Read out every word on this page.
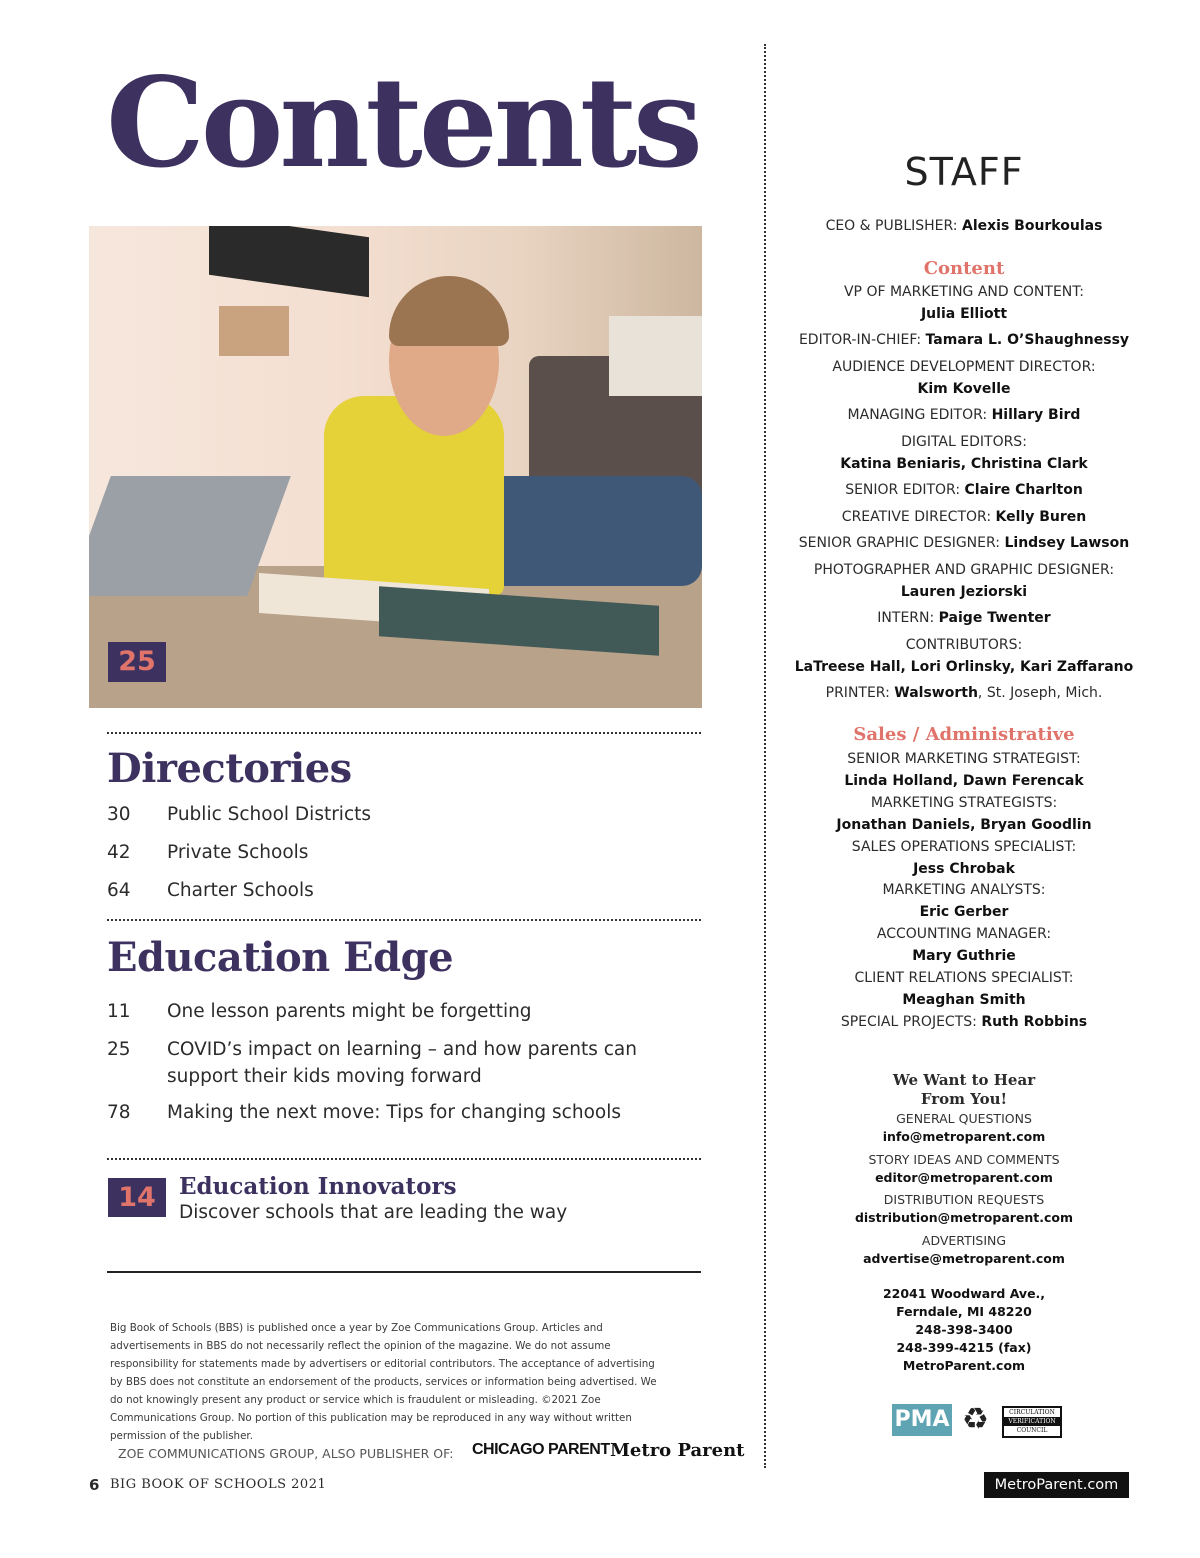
Contents
25
Directories
30 Public School Districts
42 Private Schools
64 Charter Schools
Education Edge
11 One lesson parents might be forgetting
25 COVID’s impact on learning – and how parents can support their kids moving forward
78 Making the next move: Tips for changing schools
14	Education Innovators
Discover schools that are leading the way
Big Book of Schools (BBS) is published once a year by Zoe Communications Group. Articles and advertisements in BBS do not necessarily reflect the opinion of the magazine. We do not assume responsibility for statements made by advertisers or editorial contributors. The acceptance of advertising by BBS does not constitute an endorsement of the products, services or information being advertised. We do not knowingly present any product or service which is fraudulent or misleading. ©2021 Zoe Communications Group. No portion of this publication may be reproduced in any way without written permission of the publisher.
ZOE COMMUNICATIONS GROUP, ALSO PUBLISHER OF: CHICAGO PARENT Metro Parent
6 BIG BOOK OF SCHOOLS 2021	MetroParent.com
STAFF
CEO & PUBLISHER: Alexis Bourkoulas
Content
VP OF MARKETING AND CONTENT:
Julia Elliott
EDITOR-IN-CHIEF: Tamara L. O’Shaughnessy
AUDIENCE DEVELOPMENT DIRECTOR:
Kim Kovelle
MANAGING EDITOR: Hillary Bird
DIGITAL EDITORS:
Katina Beniaris, Christina Clark
SENIOR EDITOR: Claire Charlton
CREATIVE DIRECTOR: Kelly Buren
SENIOR GRAPHIC DESIGNER: Lindsey Lawson
PHOTOGRAPHER AND GRAPHIC DESIGNER:
Lauren Jeziorski
INTERN: Paige Twenter
CONTRIBUTORS:
LaTreese Hall, Lori Orlinsky, Kari Zaffarano
PRINTER: Walsworth, St. Joseph, Mich.
Sales / Administrative
SENIOR MARKETING STRATEGIST:
Linda Holland, Dawn Ferencak
MARKETING STRATEGISTS:
Jonathan Daniels, Bryan Goodlin
SALES OPERATIONS SPECIALIST:
Jess Chrobak
MARKETING ANALYSTS:
Eric Gerber
ACCOUNTING MANAGER:
Mary Guthrie
CLIENT RELATIONS SPECIALIST:
Meaghan Smith
SPECIAL PROJECTS: Ruth Robbins
We Want to Hear
From You!
GENERAL QUESTIONS
info@metroparent.com
STORY IDEAS AND COMMENTS
editor@metroparent.com
DISTRIBUTION REQUESTS
distribution@metroparent.com
ADVERTISING
advertise@metroparent.com
22041 Woodward Ave.,
Ferndale, MI 48220
248-398-3400
248-399-4215 (fax)
MetroParent.com
PMA ♻	CIRCULATION
VERIFICATION
COUNCIL
